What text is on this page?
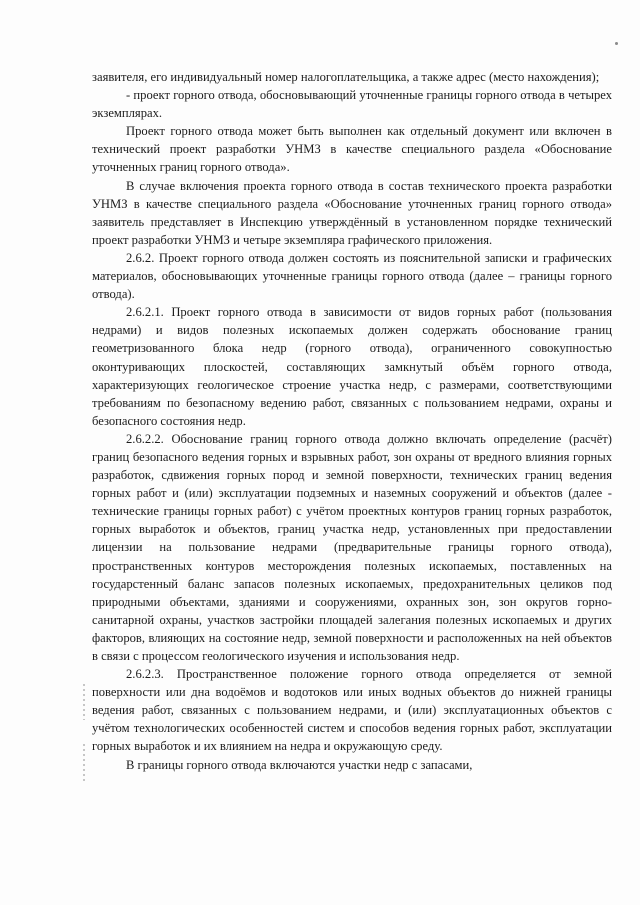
заявителя, его индивидуальный номер налогоплательщика, а также адрес (место нахождения);

- проект горного отвода, обосновывающий уточненные границы горного отвода в четырех экземплярах.

Проект горного отвода может быть выполнен как отдельный документ или включен в технический проект разработки УНМЗ в качестве специального раздела «Обоснование уточненных границ горного отвода».

В случае включения проекта горного отвода в состав технического проекта разработки УНМЗ в качестве специального раздела «Обоснование уточненных границ горного отвода» заявитель представляет в Инспекцию утверждённый в установленном порядке технический проект разработки УНМЗ и четыре экземпляра графического приложения.

2.6.2. Проект горного отвода должен состоять из пояснительной записки и графических материалов, обосновывающих уточненные границы горного отвода (далее – границы горного отвода).

2.6.2.1. Проект горного отвода в зависимости от видов горных работ (пользования недрами) и видов полезных ископаемых должен содержать обоснование границ геометризованного блока недр (горного отвода), ограниченного совокупностью оконтуривающих плоскостей, составляющих замкнутый объём горного отвода, характеризующих геологическое строение участка недр, с размерами, соответствующими требованиям по безопасному ведению работ, связанных с пользованием недрами, охраны и безопасного состояния недр.

2.6.2.2. Обоснование границ горного отвода должно включать определение (расчёт) границ безопасного ведения горных и взрывных работ, зон охраны от вредного влияния горных разработок, сдвижения горных пород и земной поверхности, технических границ ведения горных работ и (или) эксплуатации подземных и наземных сооружений и объектов (далее - технические границы горных работ) с учётом проектных контуров границ горных разработок, горных выработок и объектов, границ участка недр, установленных при предоставлении лицензии на пользование недрами (предварительные границы горного отвода), пространственных контуров месторождения полезных ископаемых, поставленных на государстенный баланс запасов полезных ископаемых, предохранительных целиков под природными объектами, зданиями и сооружениями, охранных зон, зон округов горно-санитарной охраны, участков застройки площадей залегания полезных ископаемых и других факторов, влияющих на состояние недр, земной поверхности и расположенных на ней объектов в связи с процессом геологического изучения и использования недр.

2.6.2.3. Пространственное положение горного отвода определяется от земной поверхности или дна водоёмов и водотоков или иных водных объектов до нижней границы ведения работ, связанных с пользованием недрами, и (или) эксплуатационных объектов с учётом технологических особенностей систем и способов ведения горных работ, эксплуатации горных выработок и их влиянием на недра и окружающую среду.

В границы горного отвода включаются участки недр с запасами,
